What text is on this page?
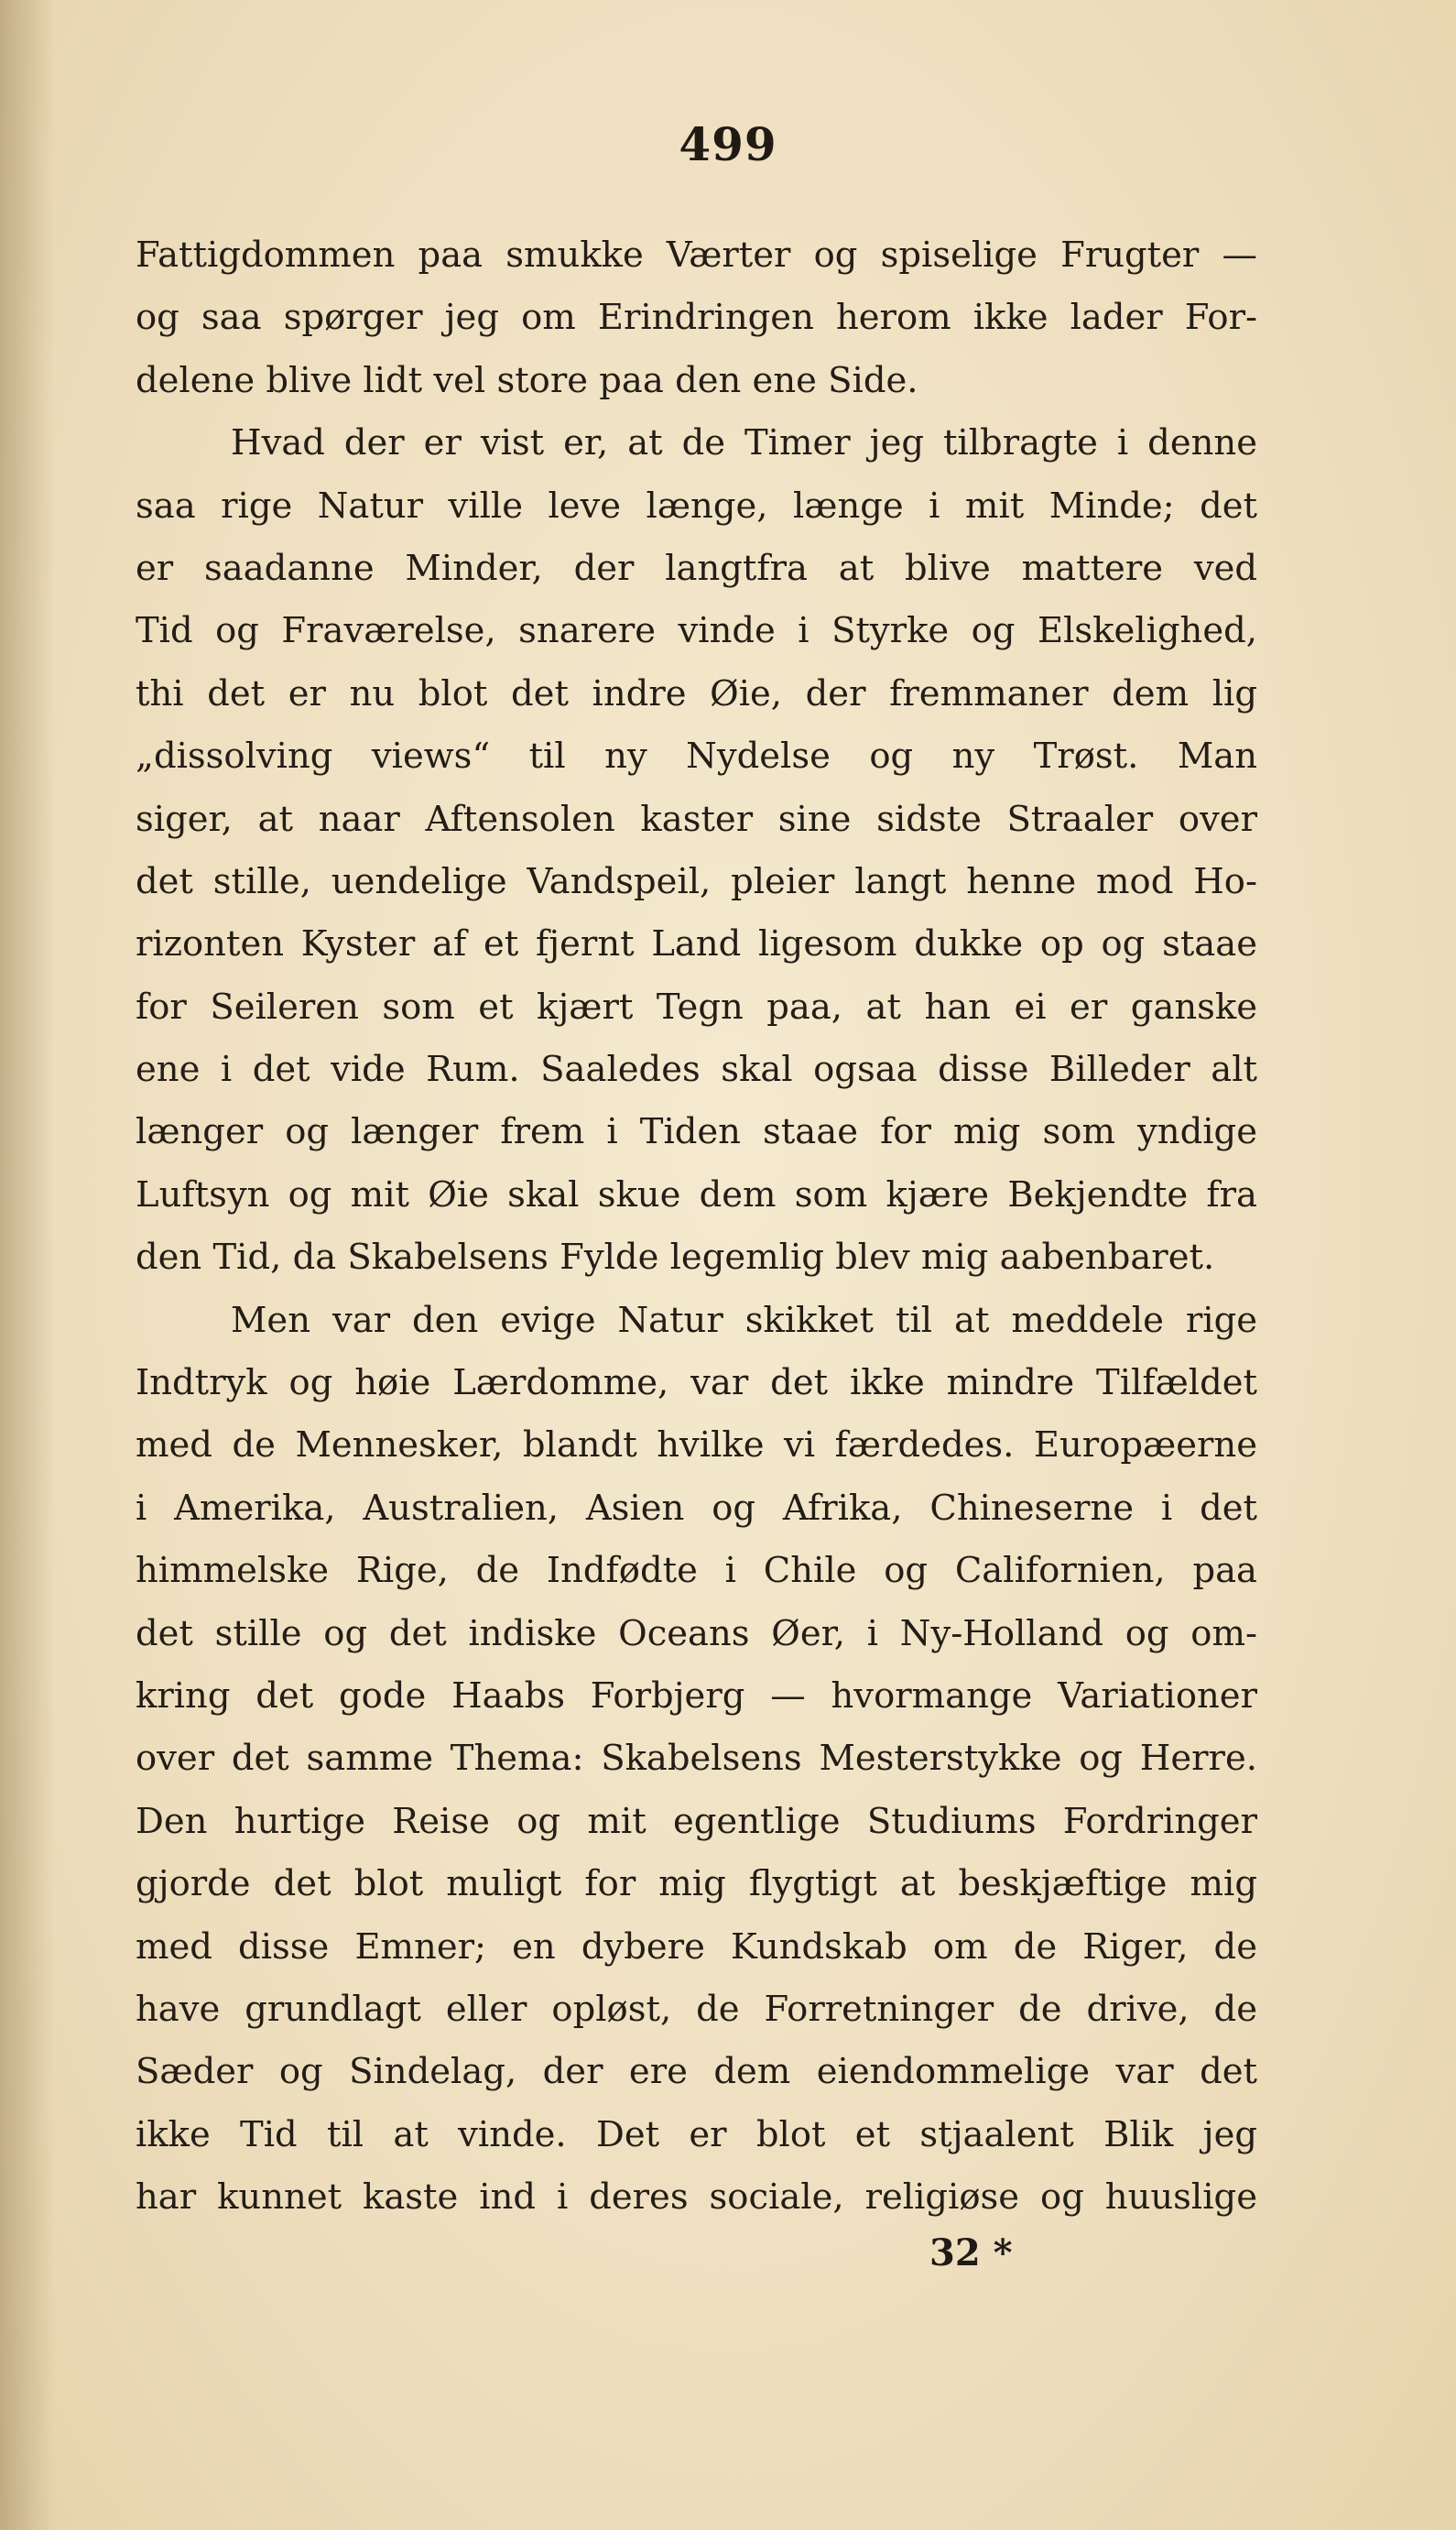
499
Fattigdommen paa smukke Værter og spiselige Frugter —
og saa spørger jeg om Erindringen herom ikke lader For-
delene blive lidt vel store paa den ene Side.
Hvad der er vist er, at de Timer jeg tilbragte i denne
saa rige Natur ville leve længe, længe i mit Minde; det
er saadanne Minder, der langtfra at blive mattere ved
Tid og Fraværelse, snarere vinde i Styrke og Elskelighed,
thi det er nu blot det indre Øie, der fremmaner dem lig
„dissolving views“ til ny Nydelse og ny Trøst. Man
siger, at naar Aftensolen kaster sine sidste Straaler over
det stille, uendelige Vandspeil, pleier langt henne mod Ho-
rizonten Kyster af et fjernt Land ligesom dukke op og staae
for Seileren som et kjært Tegn paa, at han ei er ganske
ene i det vide Rum. Saaledes skal ogsaa disse Billeder alt
længer og længer frem i Tiden staae for mig som yndige
Luftsyn og mit Øie skal skue dem som kjære Bekjendte fra
den Tid, da Skabelsens Fylde legemlig blev mig aabenbaret.
Men var den evige Natur skikket til at meddele rige
Indtryk og høie Lærdomme, var det ikke mindre Tilfældet
med de Mennesker, blandt hvilke vi færdedes. Europæerne
i Amerika, Australien, Asien og Afrika, Chineserne i det
himmelske Rige, de Indfødte i Chile og Californien, paa
det stille og det indiske Oceans Øer, i Ny-Holland og om-
kring det gode Haabs Forbjerg — hvormange Variationer
over det samme Thema: Skabelsens Mesterstykke og Herre.
Den hurtige Reise og mit egentlige Studiums Fordringer
gjorde det blot muligt for mig flygtigt at beskjæftige mig
med disse Emner; en dybere Kundskab om de Riger, de
have grundlagt eller opløst, de Forretninger de drive, de
Sæder og Sindelag, der ere dem eiendommelige var det
ikke Tid til at vinde. Det er blot et stjaalent Blik jeg
har kunnet kaste ind i deres sociale, religiøse og huuslige
32 *
